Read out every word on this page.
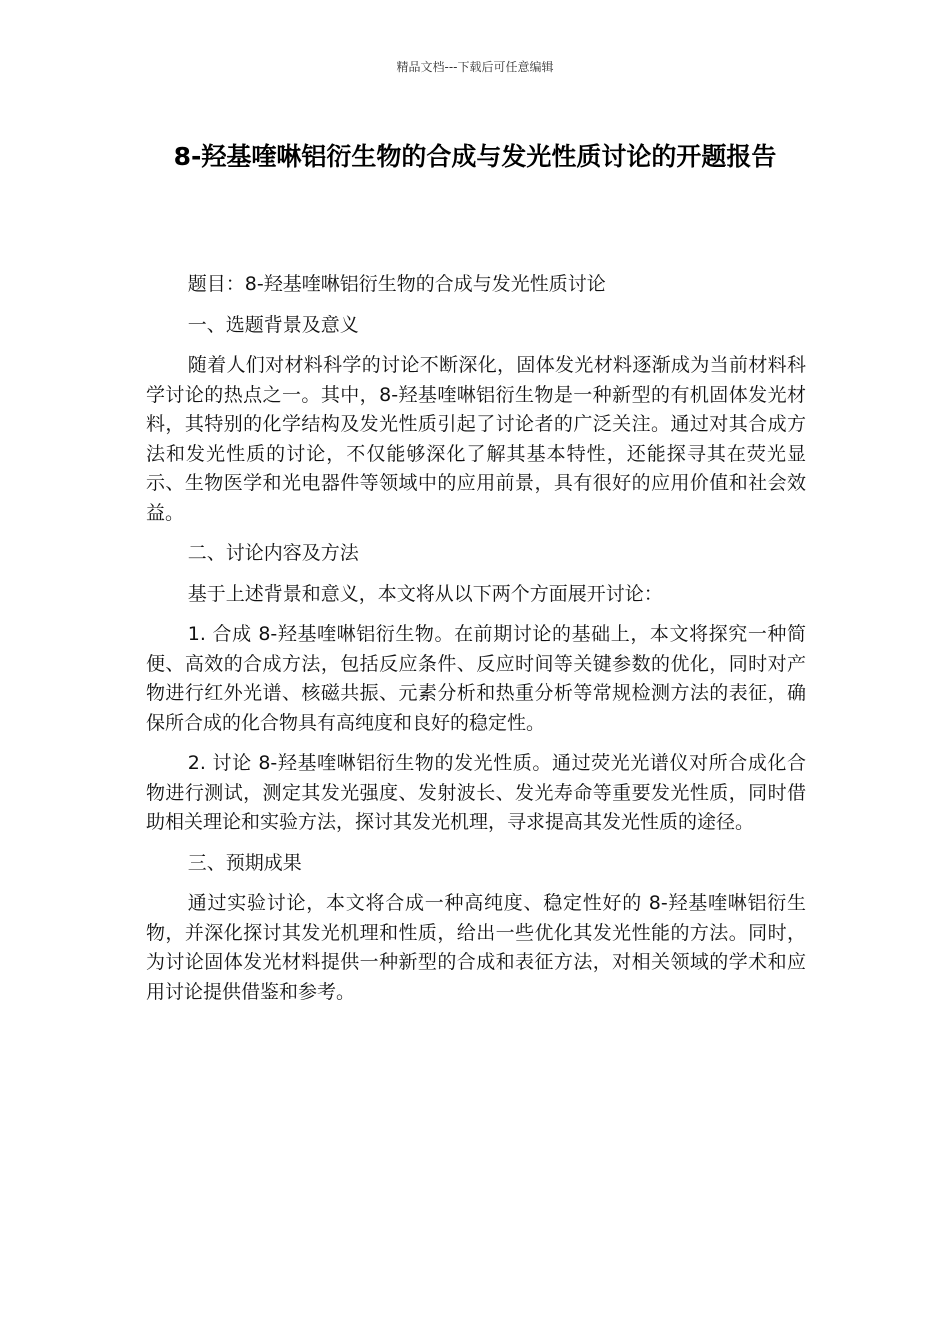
精品文档---下载后可任意编辑
8-羟基喹啉铝衍生物的合成与发光性质讨论的开题报告

题目：8-羟基喹啉铝衍生物的合成与发光性质讨论

一、选题背景及意义

随着人们对材料科学的讨论不断深化，固体发光材料逐渐成为当前材料科学讨论的热点之一。其中，8-羟基喹啉铝衍生物是一种新型的有机固体发光材料，其特别的化学结构及发光性质引起了讨论者的广泛关注。通过对其合成方法和发光性质的讨论，不仅能够深化了解其基本特性，还能探寻其在荧光显示、生物医学和光电器件等领域中的应用前景，具有很好的应用价值和社会效益。

二、讨论内容及方法

基于上述背景和意义，本文将从以下两个方面展开讨论：

1. 合成 8-羟基喹啉铝衍生物。在前期讨论的基础上，本文将探究一种简便、高效的合成方法，包括反应条件、反应时间等关键参数的优化，同时对产物进行红外光谱、核磁共振、元素分析和热重分析等常规检测方法的表征，确保所合成的化合物具有高纯度和良好的稳定性。

2. 讨论 8-羟基喹啉铝衍生物的发光性质。通过荧光光谱仪对所合成化合物进行测试，测定其发光强度、发射波长、发光寿命等重要发光性质，同时借助相关理论和实验方法，探讨其发光机理，寻求提高其发光性质的途径。

三、预期成果

通过实验讨论，本文将合成一种高纯度、稳定性好的 8-羟基喹啉铝衍生物，并深化探讨其发光机理和性质，给出一些优化其发光性能的方法。同时，为讨论固体发光材料提供一种新型的合成和表征方法，对相关领域的学术和应用讨论提供借鉴和参考。
